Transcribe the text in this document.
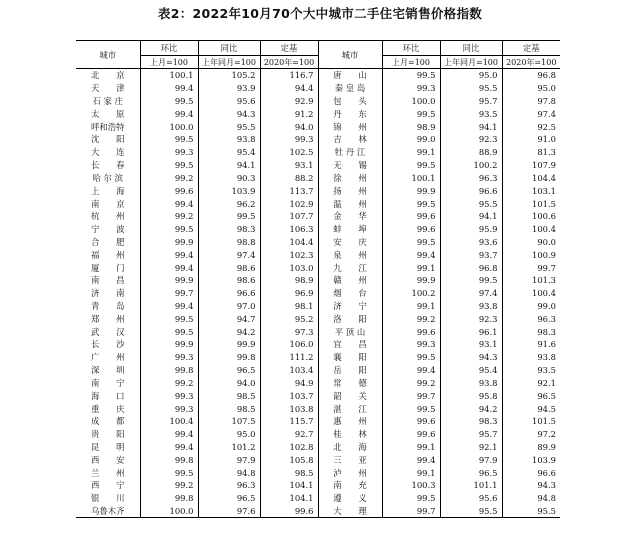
表2：2022年10月70个大中城市二手住宅销售价格指数
城市	环比	同比	定基	城市	环比	同比	定基
	上月=100	上年同月=100	2020年=100		上月=100	上年同月=100	2020年=100
北　　京	100.1	105.2	116.7	唐　　山	99.5	95.0	96.8
天　　津	99.4	93.9	94.4	秦 皇 岛	99.3	95.5	95.0
石 家 庄	99.5	95.6	92.9	包　　头	100.0	95.7	97.8
太　　原	99.4	94.3	91.2	丹　　东	99.5	93.5	97.4
呼和浩特	100.0	95.5	94.0	锦　　州	98.9	94.1	92.5
沈　　阳	99.5	93.8	99.3	吉　　林	99.0	92.3	91.0
大　　连	99.3	95.4	102.5	牡 丹 江	99.1	88.9	81.3
长　　春	99.5	94.1	93.1	无　　锡	99.5	100.2	107.9
哈 尔 滨	99.2	90.3	88.2	徐　　州	100.1	96.3	104.4
上　　海	99.6	103.9	113.7	扬　　州	99.9	96.6	103.1
南　　京	99.4	96.2	102.9	温　　州	99.5	95.5	101.5
杭　　州	99.2	99.5	107.7	金　　华	99.6	94.1	100.6
宁　　波	99.5	98.3	106.3	蚌　　埠	99.6	95.9	100.4
合　　肥	99.9	98.8	104.4	安　　庆	99.5	93.6	90.0
福　　州	99.4	97.4	102.3	泉　　州	99.4	93.7	100.9
厦　　门	99.4	98.6	103.0	九　　江	99.1	96.8	99.7
南　　昌	99.9	98.6	98.9	赣　　州	99.9	99.5	101.3
济　　南	99.7	96.6	96.9	烟　　台	100.2	97.4	100.4
青　　岛	99.4	97.0	98.1	济　　宁	99.1	93.8	99.0
郑　　州	99.5	94.7	95.2	洛　　阳	99.2	92.3	96.3
武　　汉	99.5	94.2	97.3	平 顶 山	99.6	96.1	98.3
长　　沙	99.9	99.9	106.0	宜　　昌	99.3	93.1	91.6
广　　州	99.3	99.8	111.2	襄　　阳	99.5	94.3	93.8
深　　圳	99.8	96.5	103.4	岳　　阳	99.4	95.4	93.5
南　　宁	99.2	94.0	94.9	常　　德	99.2	93.8	92.1
海　　口	99.3	98.5	103.7	韶　　关	99.7	95.8	96.5
重　　庆	99.3	98.5	103.8	湛　　江	99.5	94.2	94.5
成　　都	100.4	107.5	115.7	惠　　州	99.6	98.3	101.5
贵　　阳	99.4	95.0	92.7	桂　　林	99.6	95.7	97.2
昆　　明	99.4	101.2	102.8	北　　海	99.1	92.1	89.9
西　　安	99.8	97.9	105.8	三　　亚	99.4	97.9	103.9
兰　　州	99.5	94.8	98.5	泸　　州	99.1	96.5	96.6
西　　宁	99.2	96.3	104.1	南　　充	100.3	101.1	94.3
银　　川	99.8	96.5	104.1	遵　　义	99.5	95.6	94.8
乌鲁木齐	100.0	97.6	99.6	大　　理	99.7	95.5	95.5
